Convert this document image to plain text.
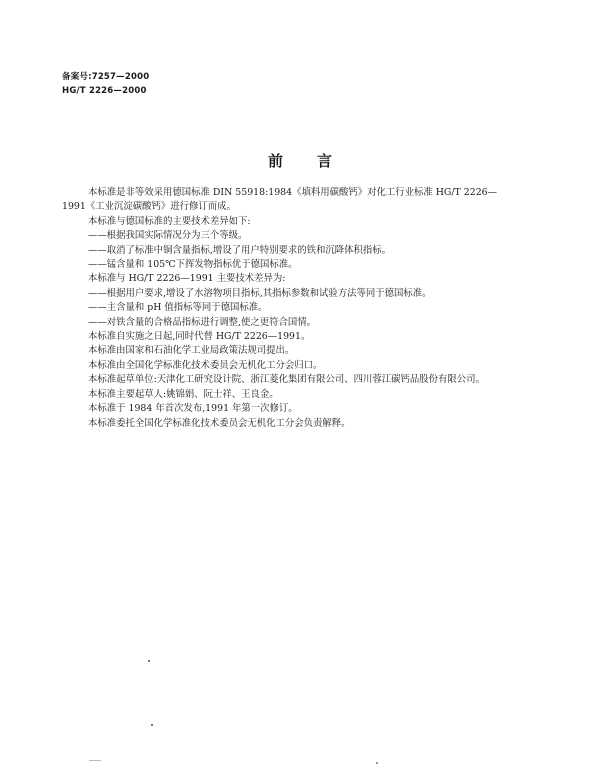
备案号:7257—2000
HG/T 2226—2000
前言
本标准是非等效采用德国标准 DIN 55918:1984《填料用碳酸钙》对化工行业标准 HG/T 2226—
1991《工业沉淀碳酸钙》进行修订而成。
本标准与德国标准的主要技术差异如下:
——根据我国实际情况分为三个等级。
——取消了标准中铜含量指标,增设了用户特别要求的铁和沉降体积指标。
——锰含量和 105℃下挥发物指标优于德国标准。
本标准与 HG/T 2226—1991 主要技术差异为:
——根据用户要求,增设了水溶物项目指标,其指标参数和试验方法等同于德国标准。
——主含量和 pH 值指标等同于德国标准。
——对铁含量的合格品指标进行调整,使之更符合国情。
本标准自实施之日起,同时代替 HG/T 2226—1991。
本标准由国家和石油化学工业局政策法规司提出。
本标准由全国化学标准化技术委员会无机化工分会归口。
本标准起草单位:天津化工研究设计院、浙江菱化集团有限公司、四川蓉江碳钙品股份有限公司。
本标准主要起草人:姚锦娟、阮士祥、王良金。
本标准于 1984 年首次发布,1991 年第一次修订。
本标准委托全国化学标准化技术委员会无机化工分会负责解释。
